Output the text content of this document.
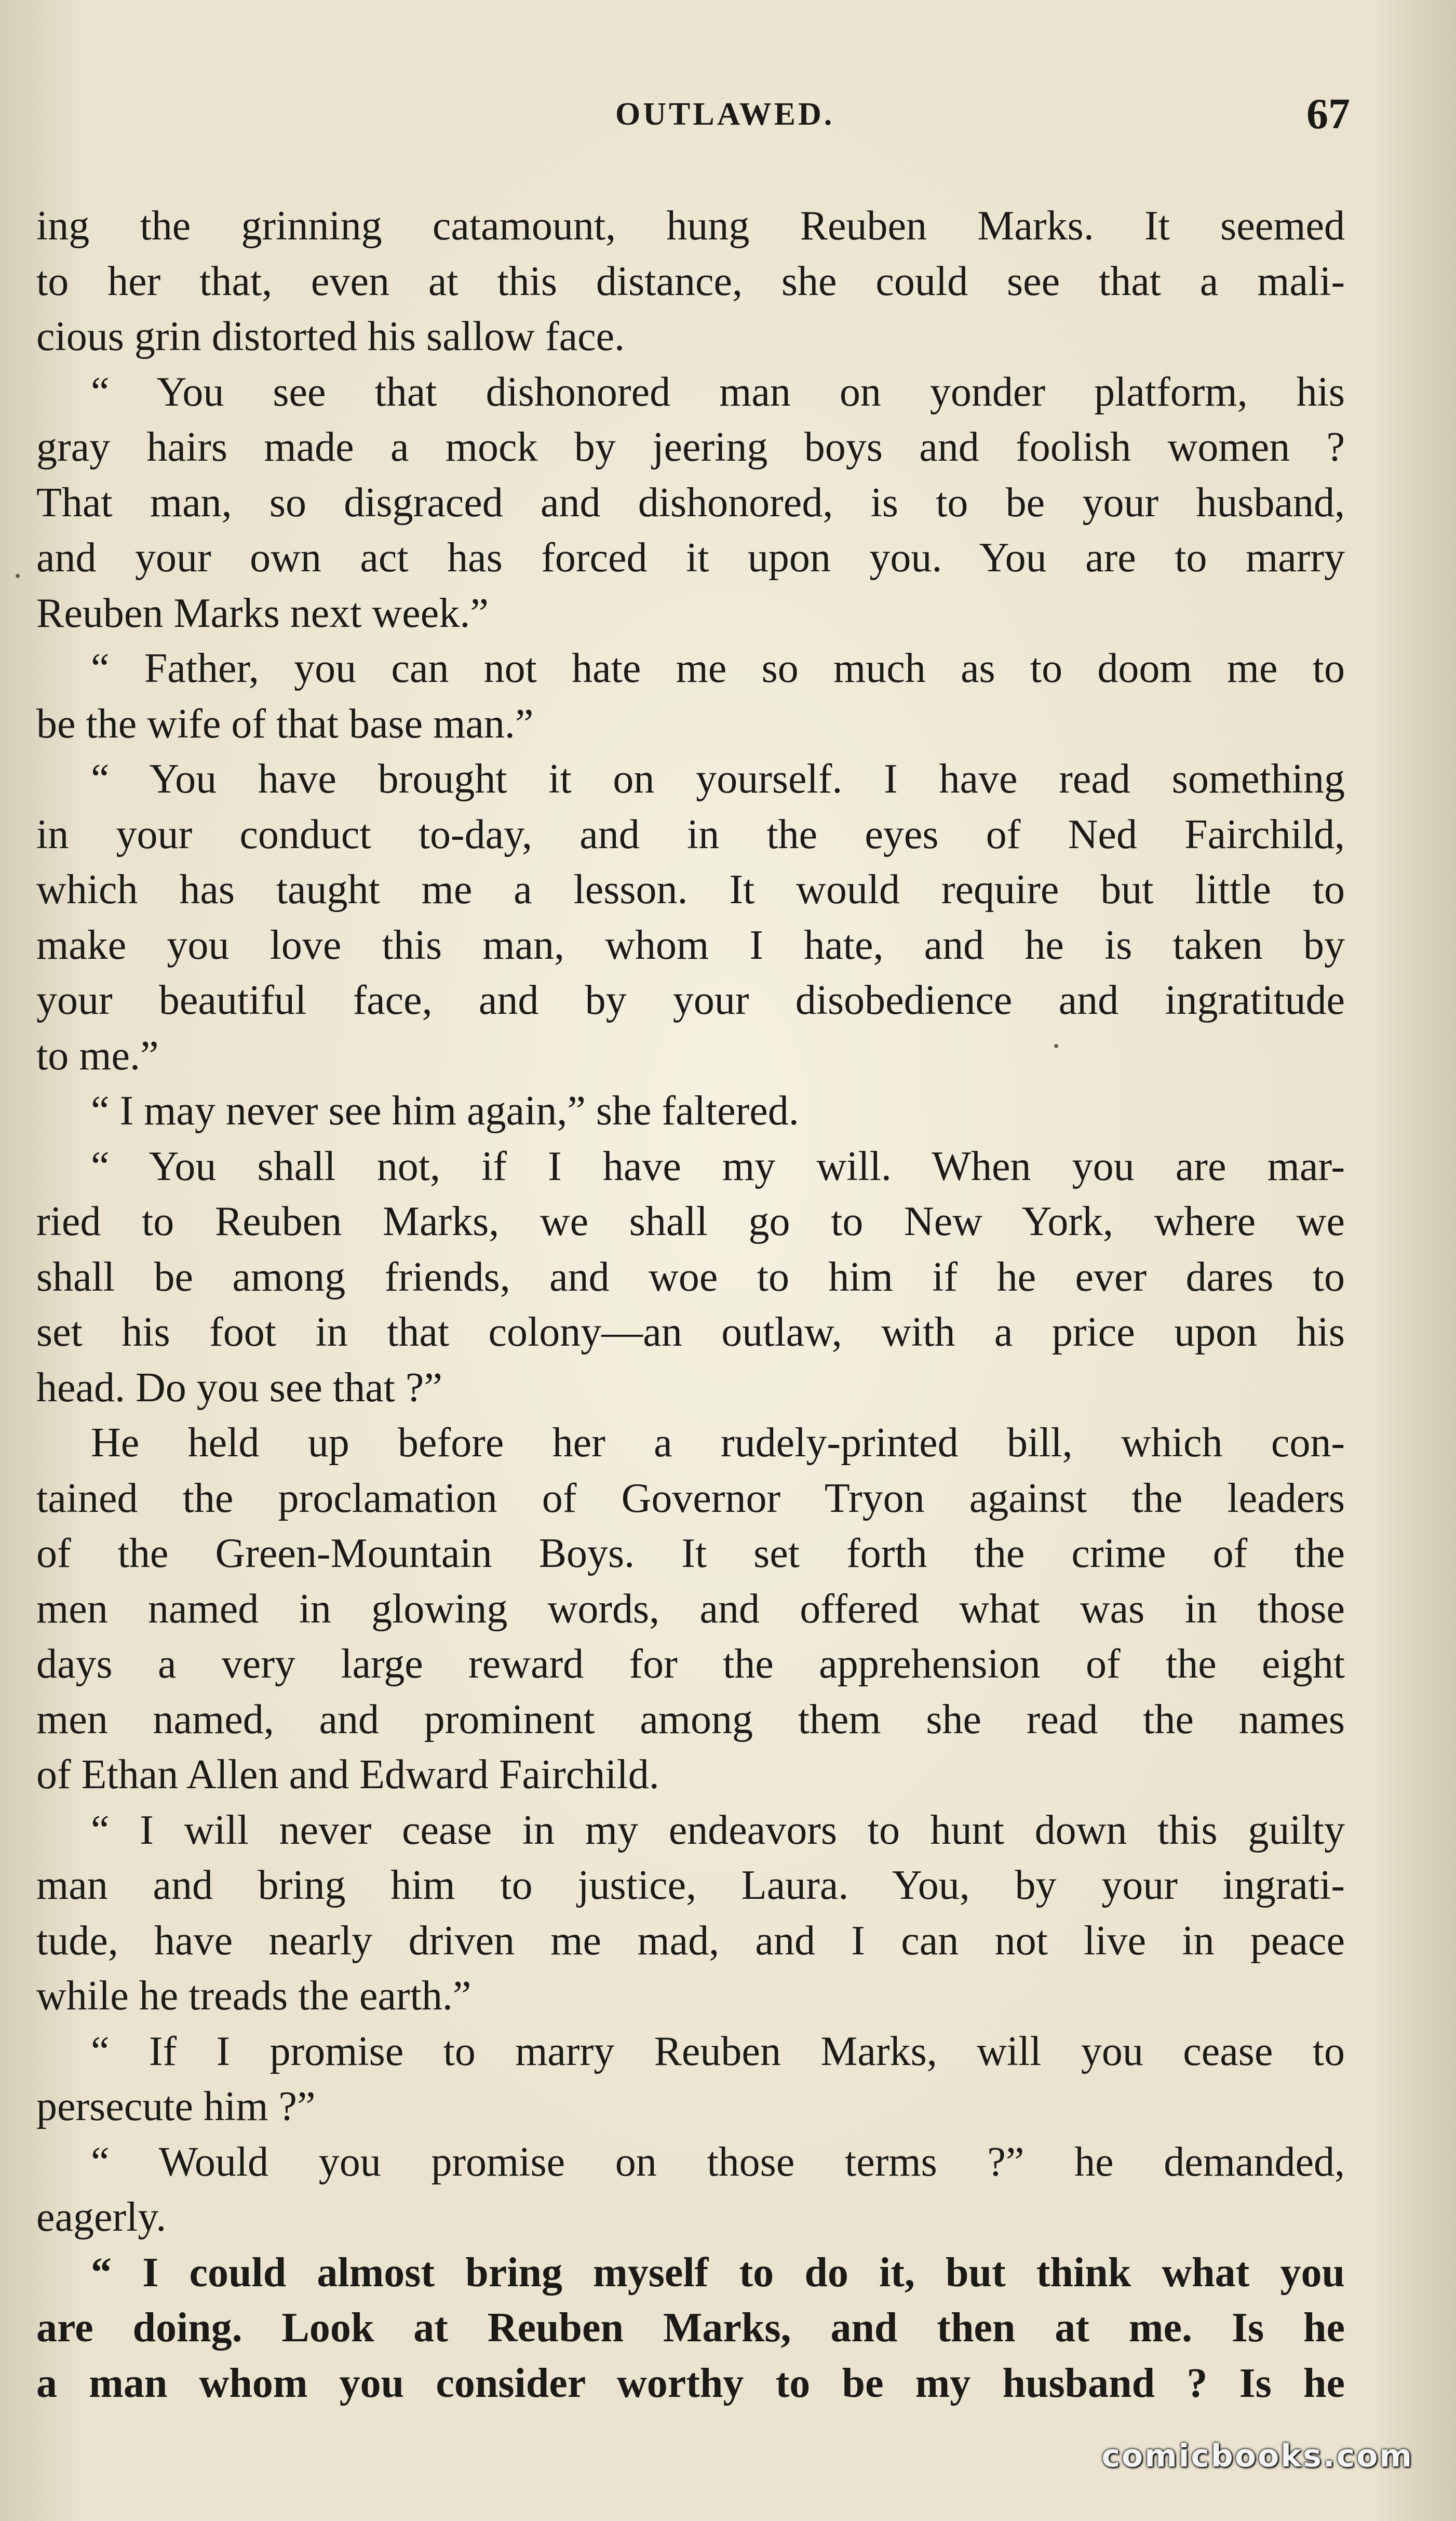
OUTLAWED.	67
ing the grinning catamount, hung Reuben Marks. It seemed
to her that, even at this distance, she could see that a mali-
cious grin distorted his sallow face.
“ You see that dishonored man on yonder platform, his
gray hairs made a mock by jeering boys and foolish women ?
That man, so disgraced and dishonored, is to be your husband,
and your own act has forced it upon you. You are to marry
Reuben Marks next week.”
“ Father, you can not hate me so much as to doom me to
be the wife of that base man.”
“ You have brought it on yourself. I have read something
in your conduct to-day, and in the eyes of Ned Fairchild,
which has taught me a lesson. It would require but little to
make you love this man, whom I hate, and he is taken by
your beautiful face, and by your disobedience and ingratitude
to me.”
“ I may never see him again,” she faltered.
“ You shall not, if I have my will. When you are mar-
ried to Reuben Marks, we shall go to New York, where we
shall be among friends, and woe to him if he ever dares to
set his foot in that colony—an outlaw, with a price upon his
head. Do you see that ?”
He held up before her a rudely-printed bill, which con-
tained the proclamation of Governor Tryon against the leaders
of the Green-Mountain Boys. It set forth the crime of the
men named in glowing words, and offered what was in those
days a very large reward for the apprehension of the eight
men named, and prominent among them she read the names
of Ethan Allen and Edward Fairchild.
“ I will never cease in my endeavors to hunt down this guilty
man and bring him to justice, Laura. You, by your ingrati-
tude, have nearly driven me mad, and I can not live in peace
while he treads the earth.”
“ If I promise to marry Reuben Marks, will you cease to
persecute him ?”
“ Would you promise on those terms ?” he demanded,
eagerly.
“ I could almost bring myself to do it, but think what you
are doing. Look at Reuben Marks, and then at me. Is he
a man whom you consider worthy to be my husband ? Is he
comicbooks.com
